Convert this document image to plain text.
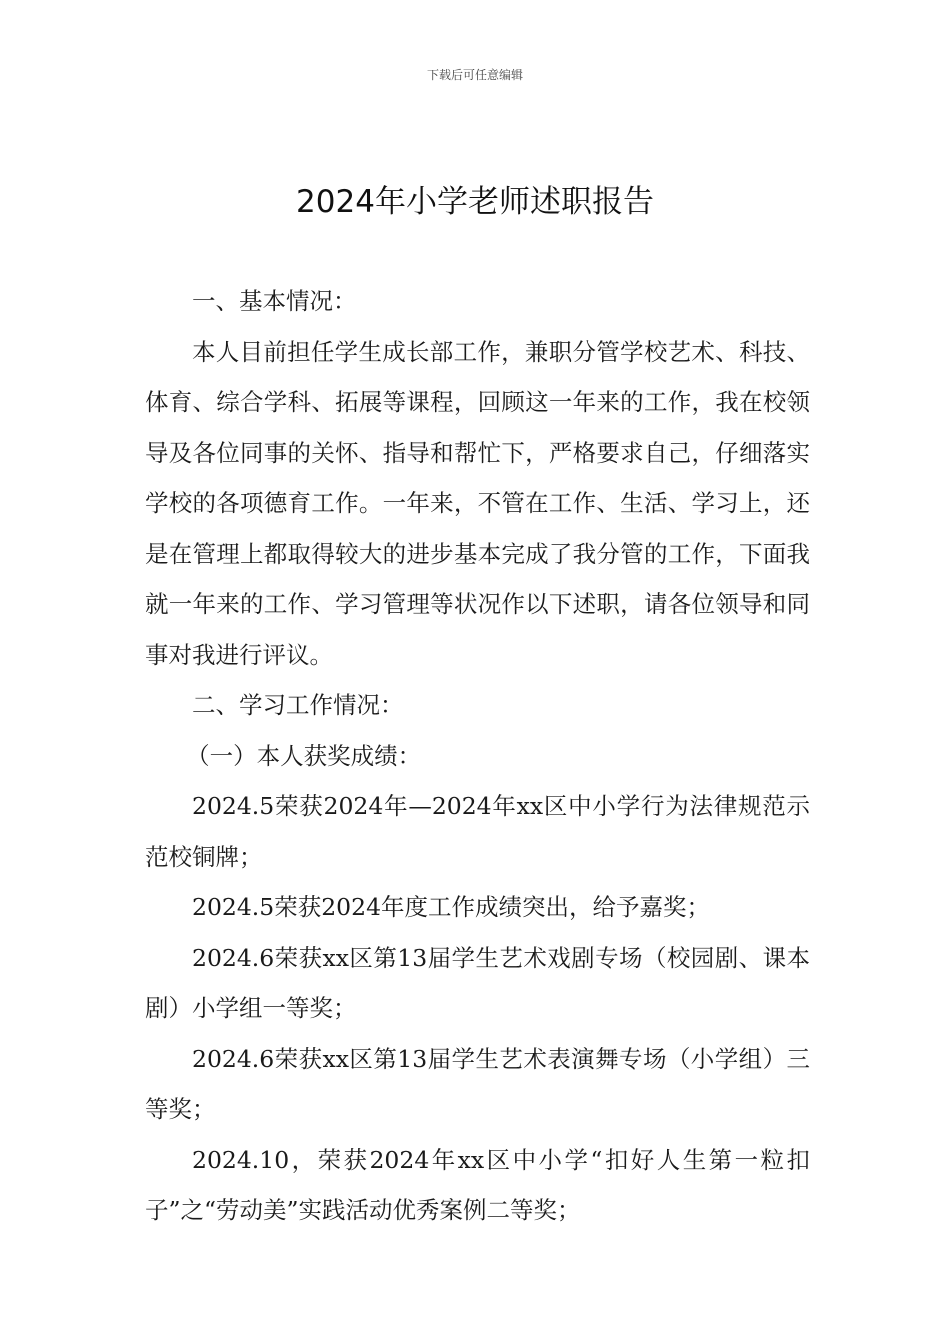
下载后可任意编辑
2024年小学老师述职报告

一、基本情况：

本人目前担任学生成长部工作，兼职分管学校艺术、科技、体育、综合学科、拓展等课程，回顾这一年来的工作，我在校领导及各位同事的关怀、指导和帮忙下，严格要求自己，仔细落实学校的各项德育工作。一年来，不管在工作、生活、学习上，还是在管理上都取得较大的进步基本完成了我分管的工作，下面我就一年来的工作、学习管理等状况作以下述职，请各位领导和同事对我进行评议。

二、学习工作情况：

（一）本人获奖成绩：

2024.5荣获2024年—2024年xx区中小学行为法律规范示范校铜牌；

2024.5荣获2024年度工作成绩突出，给予嘉奖；

2024.6荣获xx区第13届学生艺术戏剧专场（校园剧、课本剧）小学组一等奖；

2024.6荣获xx区第13届学生艺术表演舞专场（小学组）三等奖；

2024.10，荣获2024年xx区中小学“扣好人生第一粒扣子”之“劳动美”实践活动优秀案例二等奖；
